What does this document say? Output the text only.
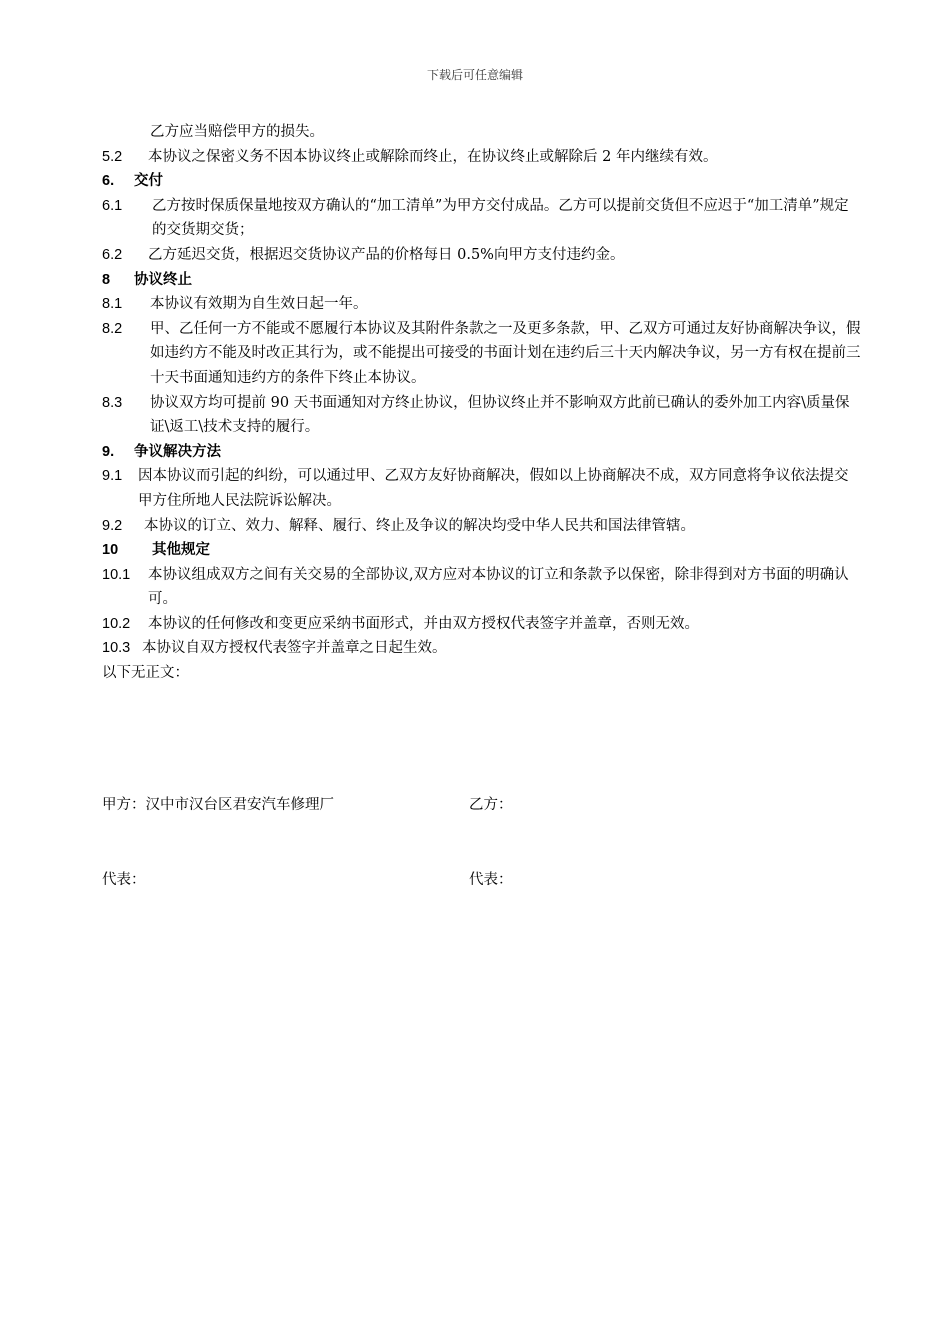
下载后可任意编辑
乙方应当赔偿甲方的损失。
5.2	本协议之保密义务不因本协议终止或解除而终止，在协议终止或解除后 2 年内继续有效。
6. 交付
6.1	乙方按时保质保量地按双方确认的“加工清单”为甲方交付成品。乙方可以提前交货但不应迟于“加工清单”规定的交货期交货；
6.2	乙方延迟交货，根据迟交货协议产品的价格每日 0.5%向甲方支付违约金。
8 协议终止
8.1	本协议有效期为自生效日起一年。
8.2	甲、乙任何一方不能或不愿履行本协议及其附件条款之一及更多条款，甲、乙双方可通过友好协商解决争议，假如违约方不能及时改正其行为，或不能提出可接受的书面计划在违约后三十天内解决争议，另一方有权在提前三十天书面通知违约方的条件下终止本协议。
8.3	协议双方均可提前 90 天书面通知对方终止协议，但协议终止并不影响双方此前已确认的委外加工内容\质量保证\返工\技术支持的履行。
9. 争议解决方法
9.1	因本协议而引起的纠纷，可以通过甲、乙双方友好协商解决，假如以上协商解决不成，双方同意将争议依法提交甲方住所地人民法院诉讼解决。
9.2	本协议的订立、效力、解释、履行、终止及争议的解决均受中华人民共和国法律管辖。
10 其他规定
10.1	本协议组成双方之间有关交易的全部协议,双方应对本协议的订立和条款予以保密，除非得到对方书面的明确认可。
10.2	本协议的任何修改和变更应采纳书面形式，并由双方授权代表签字并盖章，否则无效。
10.3 本协议自双方授权代表签字并盖章之日起生效。
以下无正文：
甲方：汉中市汉台区君安汽车修理厂	乙方：
代表：	代表：
